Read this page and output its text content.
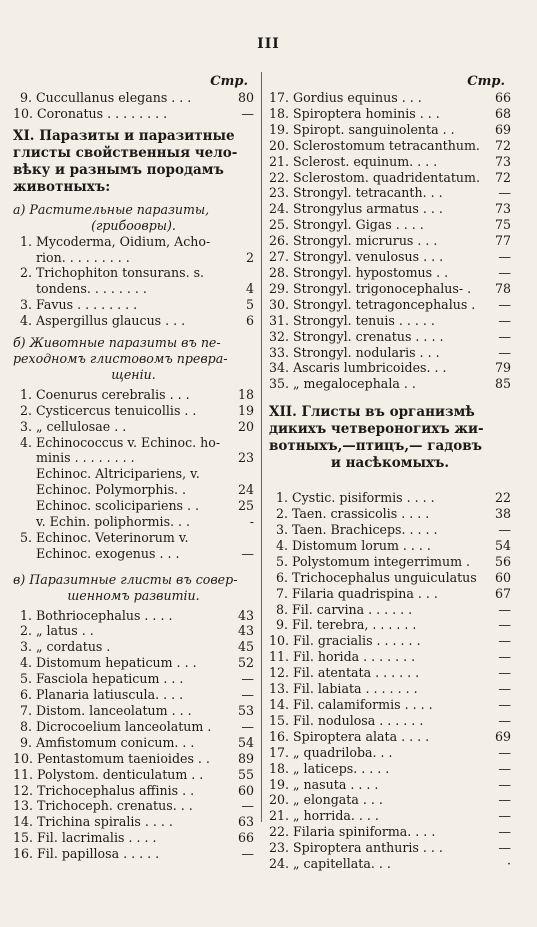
III
Стр.
9. Cuccullanus elegans . . .	80
10. Coronatus . . . . . . . .	—
XI. Паразиты и паразитные
глисты свойственныя чело-
вѣку и разнымъ породамъ
животныхъ:
а) Растительные паразиты,
(грибоовры).
1. Mycoderma, Oidium, Acho-
rion. . . . . . . . .	2
2. Trichophiton tonsurans. s.
tondens. . . . . . . .	4
3. Favus . . . . . . . .	5
4. Aspergillus glaucus . . .	6
б) Животные паразиты въ пе-
реходномъ глистовомъ превра-
щеніи.
1. Coenurus cerebralis . . .	18
2. Cysticercus tenuicollis . .	19
3. „ cellulosae . .	20
4. Echinococcus v. Echinoc. ho-
minis . . . . . . . .	23
Echinoc. Altricipariens, v.
Echinoc. Polymorphis. .	24
Echinoc. scolicipariens . .	25
v. Echin. poliphormis. . .	-
5. Echinoc. Veterinorum v.
Echinoc. exogenus . . .	—
в) Паразитные глисты въ совер-
шенномъ развитіи.
1. Bothriocephalus . . . .	43
2. „ latus . .	43
3. „ cordatus .	45
4. Distomum hepaticum . . .	52
5. Fasciola hepaticum . . .	—
6. Planaria latiuscula. . . .	—
7. Distom. lanceolatum . . .	53
8. Dicrocoelium lanceolatum .	—
9. Amfistomum conicum. . .	54
10. Pentastomum taenioides . .	89
11. Polystom. denticulatum . .	55
12. Trichocephalus affinis . .	60
13. Trichoceph. crenatus. . .	—
14. Trichina spiralis . . . .	63
15. Fil. lacrimalis . . . .	66
16. Fil. papillosa . . . . .	—
Стр.
17. Gordius equinus . . .	66
18. Spiroptera hominis . . .	68
19. Spiropt. sanguinolenta . .	69
20. Sclerostomum tetracanthum.	72
21. Sclerost. equinum. . . .	73
22. Sclerostom. quadridentatum.	72
23. Strongyl. tetracanth. . .	—
24. Strongylus armatus . . .	73
25. Strongyl. Gigas . . . .	75
26. Strongyl. micrurus . . .	77
27. Strongyl. venulosus . . .	—
28. Strongyl. hypostomus . .	—
29. Strongyl. trigonocephalus- .	78
30. Strongyl. tetragoncephalus .	—
31. Strongyl. tenuis . . . . .	—
32. Strongyl. crenatus . . . .	—
33. Strongyl. nodularis . . .	—
34. Ascaris lumbricoides. . .	79
35. „ megalocephala . .	85
XII. Глисты въ организмѣ
дикихъ четвероногихъ жи-
вотныхъ,—птицъ,— гадовъ
и насѣкомыхъ.
1. Cystic. pisiformis . . . .	22
2. Taen. crassicolis . . . .	38
3. Taen. Brachiceps. . . . .	—
4. Distomum lorum . . . .	54
5. Polystomum integerrimum .	56
6. Trichocephalus unguiculatus	60
7. Filaria quadrispina . . .	67
8. Fil. carvina . . . . . .	—
9. Fil. terebra, . . . . . .	—
10. Fil. gracialis . . . . . .	—
11. Fil. horida . . . . . . .	—
12. Fil. atentata . . . . . .	—
13. Fil. labiata . . . . . . .	—
14. Fil. calamiformis . . . .	—
15. Fil. nodulosa . . . . . .	—
16. Spiroptera alata . . . .	69
17. „ quadriloba. . .	—
18. „ laticeps. . . . .	—
19. „ nasuta . . . .	—
20. „ elongata . . .	—
21. „ horrida. . . .	—
22. Filaria spiniforma. . . .	—
23. Spiroptera anthuris . . .	—
24. „ capitellata. . .	·
